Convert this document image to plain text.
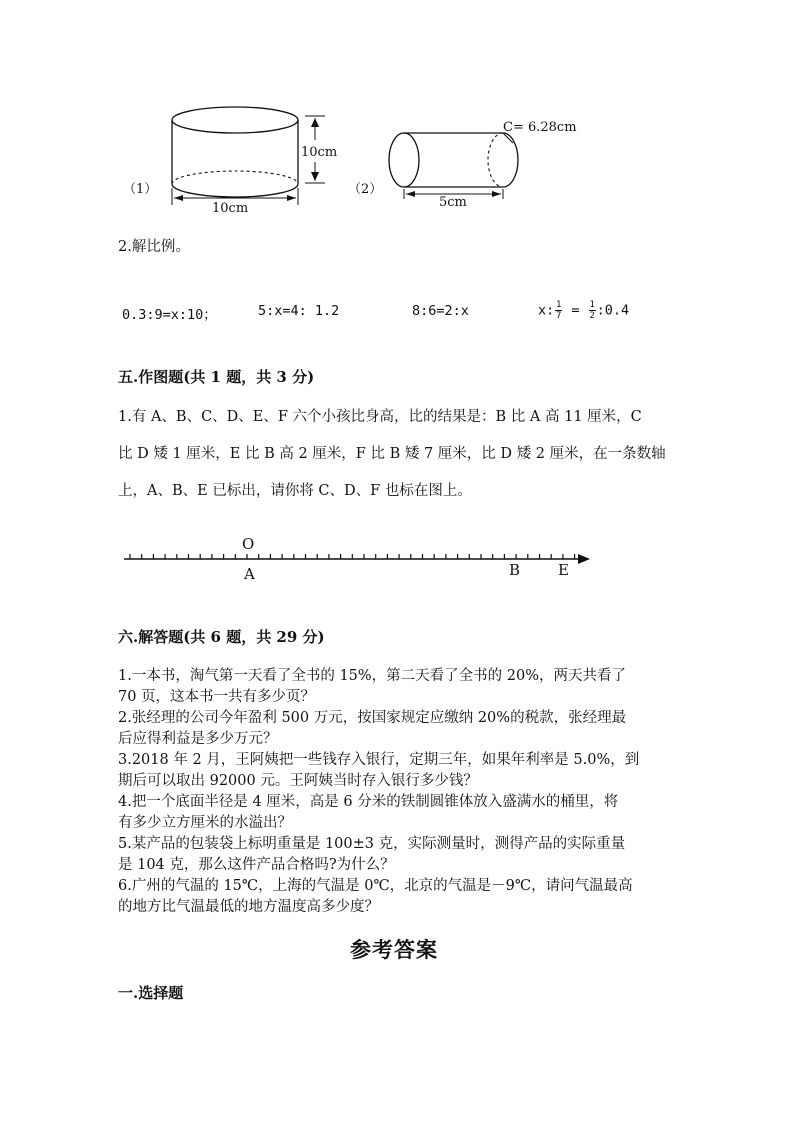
（1）
10cm
10cm
（2）
C= 6.28cm
5cm
2.解比例。
0.3:9=x:10；	5:x=4: 1.2	8:6=2:x	x: $\frac{1}{7} = \frac{1}{2}$ :0.4
五.作图题(共 1 题，共 3 分)
1.有 A、B、C、D、E、F 六个小孩比身高，比的结果是：B 比 A 高 11 厘米，C
比 D 矮 1 厘米，E 比 B 高 2 厘米，F 比 B 矮 7 厘米，比 D 矮 2 厘米，在一条数轴
上，A、B、E 已标出，请你将 C、D、F 也标在图上。
O
A	B	E
六.解答题(共 6 题，共 29 分)
1.一本书，淘气第一天看了全书的 15%，第二天看了全书的 20%，两天共看了
70 页，这本书一共有多少页？
2.张经理的公司今年盈利 500 万元，按国家规定应缴纳 20%的税款，张经理最
后应得利益是多少万元？
3.2018 年 2 月，王阿姨把一些钱存入银行，定期三年，如果年利率是 5.0%，到
期后可以取出 92000 元。王阿姨当时存入银行多少钱？
4.把一个底面半径是 4 厘米，高是 6 分米的铁制圆锥体放入盛满水的桶里，将
有多少立方厘米的水溢出？
5.某产品的包装袋上标明重量是 100±3 克，实际测量时，测得产品的实际重量
是 104 克，那么这件产品合格吗?为什么？
6.广州的气温的 15℃，上海的气温是 0℃，北京的气温是－9℃，请问气温最高
的地方比气温最低的地方温度高多少度？
参考答案
一.选择题
